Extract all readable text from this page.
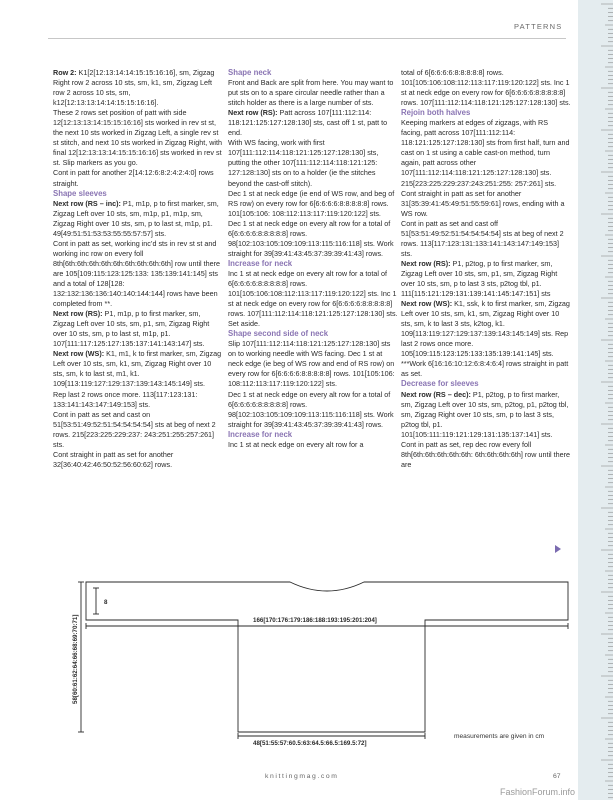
PATTERNS

Row 2: K1[2[12:13:14:14:15:15:16:16], sm, Zigzag Right row 2 across 10 sts, sm, k1, sm, Zigzag Left row 2 across 10 sts, sm, k12[12:13:13:14:14:15:15:16:16].

These 2 rows set position of patt with side 12[12:13:13:14:15:15:16:16] sts worked in rev st st, the next 10 sts worked in Zigzag Left, a single rev st st stitch, and next 10 sts worked in Zigzag Right, with final 12[12:13:13:14:15:15:16:16] sts worked in rev st st. Slip markers as you go.

Cont in patt for another 2[14:12:6:8:2:4:2:4:0] rows straight.

Shape sleeves

Next row (RS – inc): P1, m1p, p to first marker, sm, Zigzag Left over 10 sts, sm, m1p, p1, m1p, sm, Zigzag Right over 10 sts, sm, p to last st, m1p, p1. 49[49:51:51:53:53:55:55:57:57] sts.

Cont in patt as set, working inc’d sts in rev st st and working inc row on every foll 8th[6th:6th:6th:6th:6th:6th:6th:6th:6th] row until there are 105[109:115:123:125:133: 135:139:141:145] sts and a total of 128[128: 132:132:136:136:140:140:144:144] rows have been completed from **.

Next row (RS): P1, m1p, p to first marker, sm, Zigzag Left over 10 sts, sm, p1, sm, Zigzag Right over 10 sts, sm, p to last st, m1p, p1.

107[111:117:125:127:135:137:141:143:147] sts.

Next row (WS): K1, m1, k to first marker, sm, Zigzag Left over 10 sts, sm, k1, sm, Zigzag Right over 10 sts, sm, k to last st, m1, k1.

109[113:119:127:129:137:139:143:145:149] sts.

Rep last 2 rows once more. 113[117:123:131: 133:141:143:147:149:153] sts.

Cont in patt as set and cast on 51[53:51:49:52:51:54:54:54:54] sts at beg of next 2 rows. 215[223:225:229:237: 243:251:255:257:261] sts.

Cont straight in patt as set for another 32[36:40:42:46:50:52:56:60:62] rows.

Shape neck

Front and Back are split from here. You may want to put sts on to a spare circular needle rather than a stitch holder as there is a large number of sts.

Next row (RS): Patt across 107[111:112:114: 118:121:125:127:128:130] sts, cast off 1 st, patt to end.

With WS facing, work with first 107[111:112:114:118:121:125:127:128:130] sts, putting the other 107[111:112:114:118:121:125: 127:128:130] sts on to a holder (ie the stitches beyond the cast-off stitch).

Dec 1 st at neck edge (ie end of WS row, and beg of RS row) on every row for 6[6:6:6:6:8:8:8:8:8] rows. 101[105:106: 108:112:113:117:119:120:122] sts.

Dec 1 st at neck edge on every alt row for a total of 6[6:6:6:6:8:8:8:8:8] rows. 98[102:103:105:109:109:113:115:116:118] sts. Work straight for 39[39:41:43:45:37:39:39:41:43] rows.

Increase for neck

Inc 1 st at neck edge on every alt row for a total of 6[6:6:6:6:8:8:8:8:8] rows. 101[105:106:108:112:113:117:119:120:122] sts. Inc 1 st at neck edge on every row for 6[6:6:6:6:8:8:8:8:8] rows. 107[111:112:114:118:121:125:127:128:130] sts. Set aside.

Shape second side of neck

Slip 107[111:112:114:118:121:125:127:128:130] sts on to working needle with WS facing. Dec 1 st at neck edge (ie beg of WS row and end of RS row) on every row for 6[6:6:6:6:8:8:8:8:8] rows. 101[105:106: 108:112:113:117:119:120:122] sts.

Dec 1 st at neck edge on every alt row for a total of 6[6:6:6:6:8:8:8:8:8] rows. 98[102:103:105:109:109:113:115:116:118] sts. Work straight for 39[39:41:43:45:37:39:39:41:43] rows.

Increase for neck

Inc 1 st at neck edge on every alt row for a

total of 6[6:6:6:6:8:8:8:8:8] rows. 101[105:106:108:112:113:117:119:120:122] sts. Inc 1 st at neck edge on every row for 6[6:6:6:6:8:8:8:8:8] rows. 107[111:112:114:118:121:125:127:128:130] sts.

Rejoin both halves

Keeping markers at edges of zigzags, with RS facing, patt across 107[111:112:114: 118:121:125:127:128:130] sts from first half, turn and cast on 1 st using a cable cast-on method, turn again, patt across other 107[111:112:114:118:121:125:127:128:130] sts. 215[223:225:229:237:243:251:255: 257:261] sts.

Cont straight in patt as set for another 31[35:39:41:45:49:51:55:59:61] rows, ending with a WS row.

Cont in patt as set and cast off 51[53:51:49:52:51:54:54:54:54] sts at beg of next 2 rows. 113[117:123:131:133:141:143:147:149:153] sts.

Next row (RS): P1, p2tog, p to first marker, sm, Zigzag Left over 10 sts, sm, p1, sm, Zigzag Right over 10 sts, sm, p to last 3 sts, p2tog tbl, p1.

111[115:121:129:131:139:141:145:147:151] sts

Next row (WS): K1, ssk, k to first marker, sm, Zigzag Left over 10 sts, sm, k1, sm, Zigzag Right over 10 sts, sm, k to last 3 sts, k2tog, k1.

109[113:119:127:129:137:139:143:145:149] sts. Rep last 2 rows once more. 105[109:115:123:125:133:135:139:141:145] sts. ***Work 6[16:16:10:12:6:8:4:6:4] rows straight in patt as set.

Decrease for sleeves

Next row (RS – dec): P1, p2tog, p to first marker, sm, Zigzag Left over 10 sts, sm, p2tog, p1, p2tog tbl, sm, Zigzag Right over 10 sts, sm, p to last 3 sts, p2tog tbl, p1. 101[105:111:119:121:129:131:135:137:141] sts.

Cont in patt as set, rep dec row every foll 8th[6th:6th:6th:6th:6th: 6th:6th:6th:6th] row until there are

8
58[60:61:62:64:66:68:69:70:71]	166[170:176:179:186:188:193:195:201:204]
48[51:55:57:60.5:63:64.5:66.5:169.5:72]
measurements are given in cm
knittingmag.com	67
FashionForum.info
